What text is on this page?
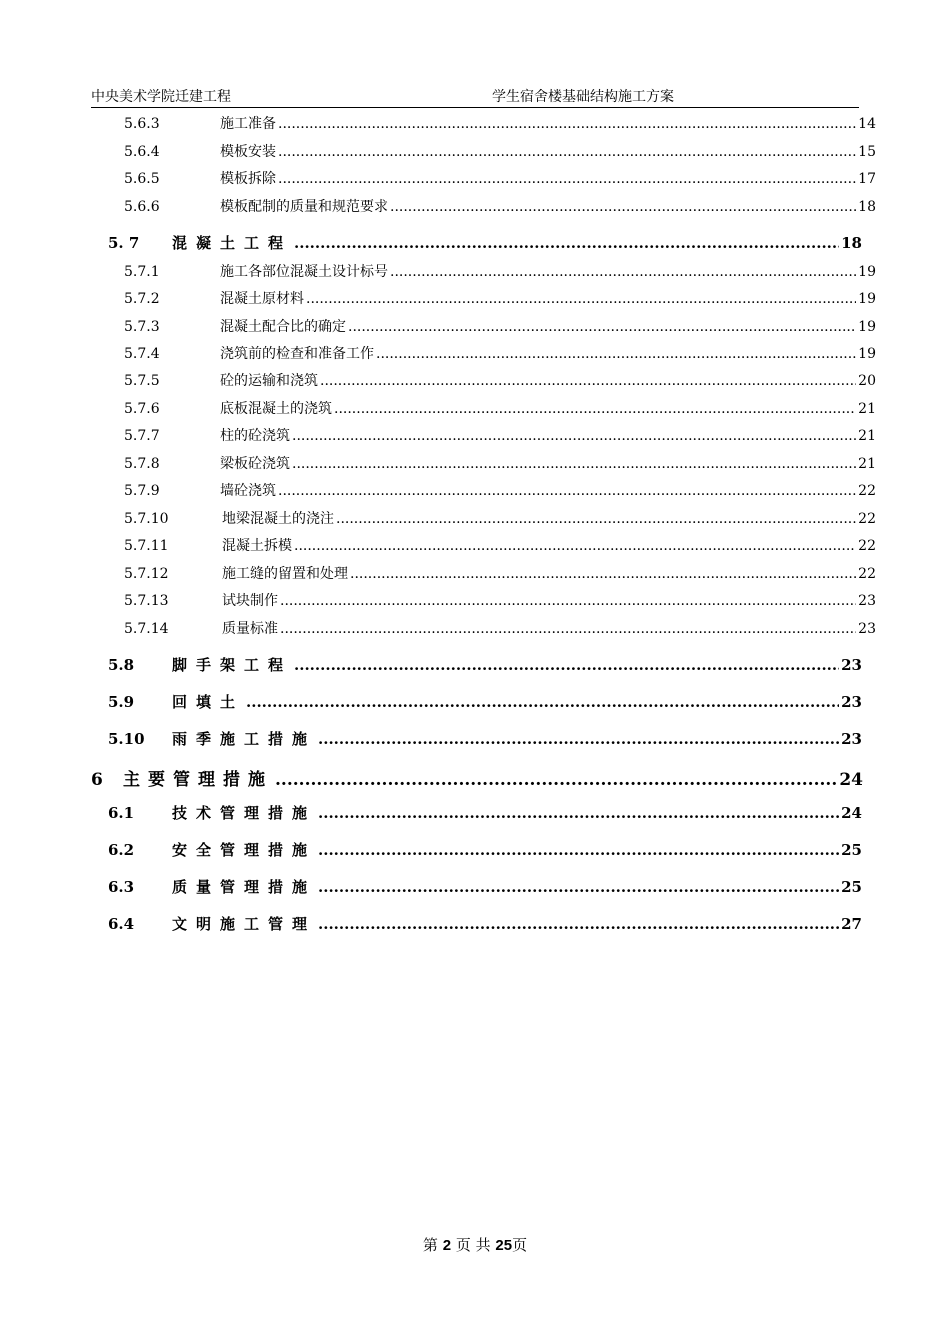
中央美术学院迁建工程	学生宿舍楼基础结构施工方案
5.6.3	施工准备 .....	14
5.6.4	模板安装 .....	15
5.6.5	模板拆除 .....	17
5.6.6	模板配制的质量和规范要求 .....	18
5. 7	混凝土工程 .....	18
5.7.1	施工各部位混凝土设计标号 .....	19
5.7.2	混凝土原材料 .....	19
5.7.3	混凝土配合比的确定 .....	19
5.7.4	浇筑前的检查和准备工作 .....	19
5.7.5	砼的运输和浇筑 .....	20
5.7.6	底板混凝土的浇筑 .....	21
5.7.7	柱的砼浇筑 .....	21
5.7.8	梁板砼浇筑 .....	21
5.7.9	墙砼浇筑 .....	22
5.7.10	地梁混凝土的浇注 .....	22
5.7.11	混凝土拆模 .....	22
5.7.12	施工缝的留置和处理 .....	22
5.7.13	试块制作 .....	23
5.7.14	质量标准 .....	23
5.8	脚手架工程 .....	23
5.9	回填土 .....	23
5.10	雨季施工措施 .....	23
6	主要管理措施 .....	24
6.1	技术管理措施 .....	24
6.2	安全管理措施 .....	25
6.3	质量管理措施 .....	25
6.4	文明施工管理 .....	27
第 2 页 共 25页
